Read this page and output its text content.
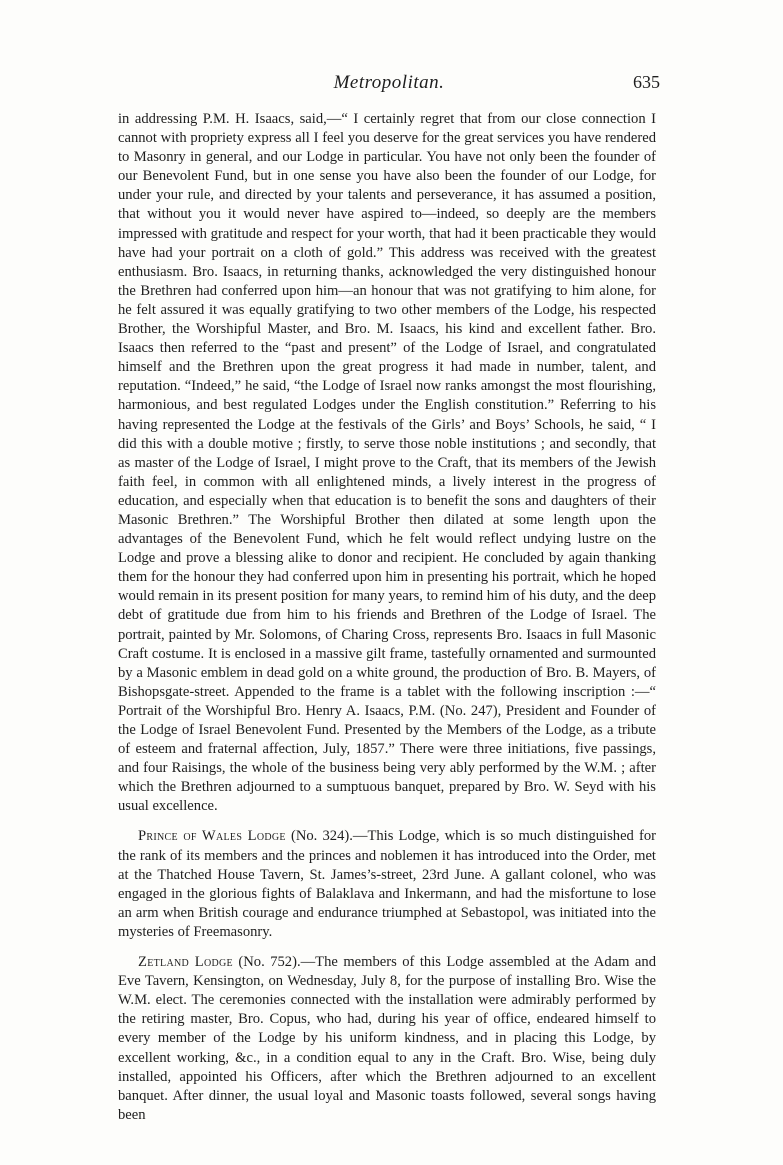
Metropolitan.	635

in addressing P.M. H. Isaacs, said,—“ I certainly regret that from our close connection I cannot with propriety express all I feel you deserve for the great services you have rendered to Masonry in general, and our Lodge in particular. You have not only been the founder of our Benevolent Fund, but in one sense you have also been the founder of our Lodge, for under your rule, and directed by your talents and perseverance, it has assumed a position, that without you it would never have aspired to—indeed, so deeply are the members impressed with gratitude and respect for your worth, that had it been practicable they would have had your portrait on a cloth of gold.” This address was received with the greatest enthusiasm. Bro. Isaacs, in returning thanks, acknowledged the very distinguished honour the Brethren had conferred upon him—an honour that was not gratifying to him alone, for he felt assured it was equally gratifying to two other members of the Lodge, his respected Brother, the Worshipful Master, and Bro. M. Isaacs, his kind and excellent father. Bro. Isaacs then referred to the “past and present” of the Lodge of Israel, and congratulated himself and the Brethren upon the great progress it had made in number, talent, and reputation. “Indeed,” he said, “the Lodge of Israel now ranks amongst the most flourishing, harmonious, and best regulated Lodges under the English constitution.” Referring to his having represented the Lodge at the festivals of the Girls’ and Boys’ Schools, he said, “ I did this with a double motive ; firstly, to serve those noble institutions ; and secondly, that as master of the Lodge of Israel, I might prove to the Craft, that its members of the Jewish faith feel, in common with all enlightened minds, a lively interest in the progress of education, and especially when that education is to benefit the sons and daughters of their Masonic Brethren.” The Worshipful Brother then dilated at some length upon the advantages of the Benevolent Fund, which he felt would reflect undying lustre on the Lodge and prove a blessing alike to donor and recipient. He concluded by again thanking them for the honour they had conferred upon him in presenting his portrait, which he hoped would remain in its present position for many years, to remind him of his duty, and the deep debt of gratitude due from him to his friends and Brethren of the Lodge of Israel. The portrait, painted by Mr. Solomons, of Charing Cross, represents Bro. Isaacs in full Masonic Craft costume. It is enclosed in a massive gilt frame, tastefully ornamented and surmounted by a Masonic emblem in dead gold on a white ground, the production of Bro. B. Mayers, of Bishopsgate-street. Appended to the frame is a tablet with the following inscription :—“ Portrait of the Worshipful Bro. Henry A. Isaacs, P.M. (No. 247), President and Founder of the Lodge of Israel Benevolent Fund. Presented by the Members of the Lodge, as a tribute of esteem and fraternal affection, July, 1857.” There were three initiations, five passings, and four Raisings, the whole of the business being very ably performed by the W.M. ; after which the Brethren adjourned to a sumptuous banquet, prepared by Bro. W. Seyd with his usual excellence.

Prince of Wales Lodge (No. 324).—This Lodge, which is so much distinguished for the rank of its members and the princes and noblemen it has introduced into the Order, met at the Thatched House Tavern, St. James’s-street, 23rd June. A gallant colonel, who was engaged in the glorious fights of Balaklava and Inkermann, and had the misfortune to lose an arm when British courage and endurance triumphed at Sebastopol, was initiated into the mysteries of Freemasonry.

Zetland Lodge (No. 752).—The members of this Lodge assembled at the Adam and Eve Tavern, Kensington, on Wednesday, July 8, for the purpose of installing Bro. Wise the W.M. elect. The ceremonies connected with the installation were admirably performed by the retiring master, Bro. Copus, who had, during his year of office, endeared himself to every member of the Lodge by his uniform kindness, and in placing this Lodge, by excellent working, &c., in a condition equal to any in the Craft. Bro. Wise, being duly installed, appointed his Officers, after which the Brethren adjourned to an excellent banquet. After dinner, the usual loyal and Masonic toasts followed, several songs having been
